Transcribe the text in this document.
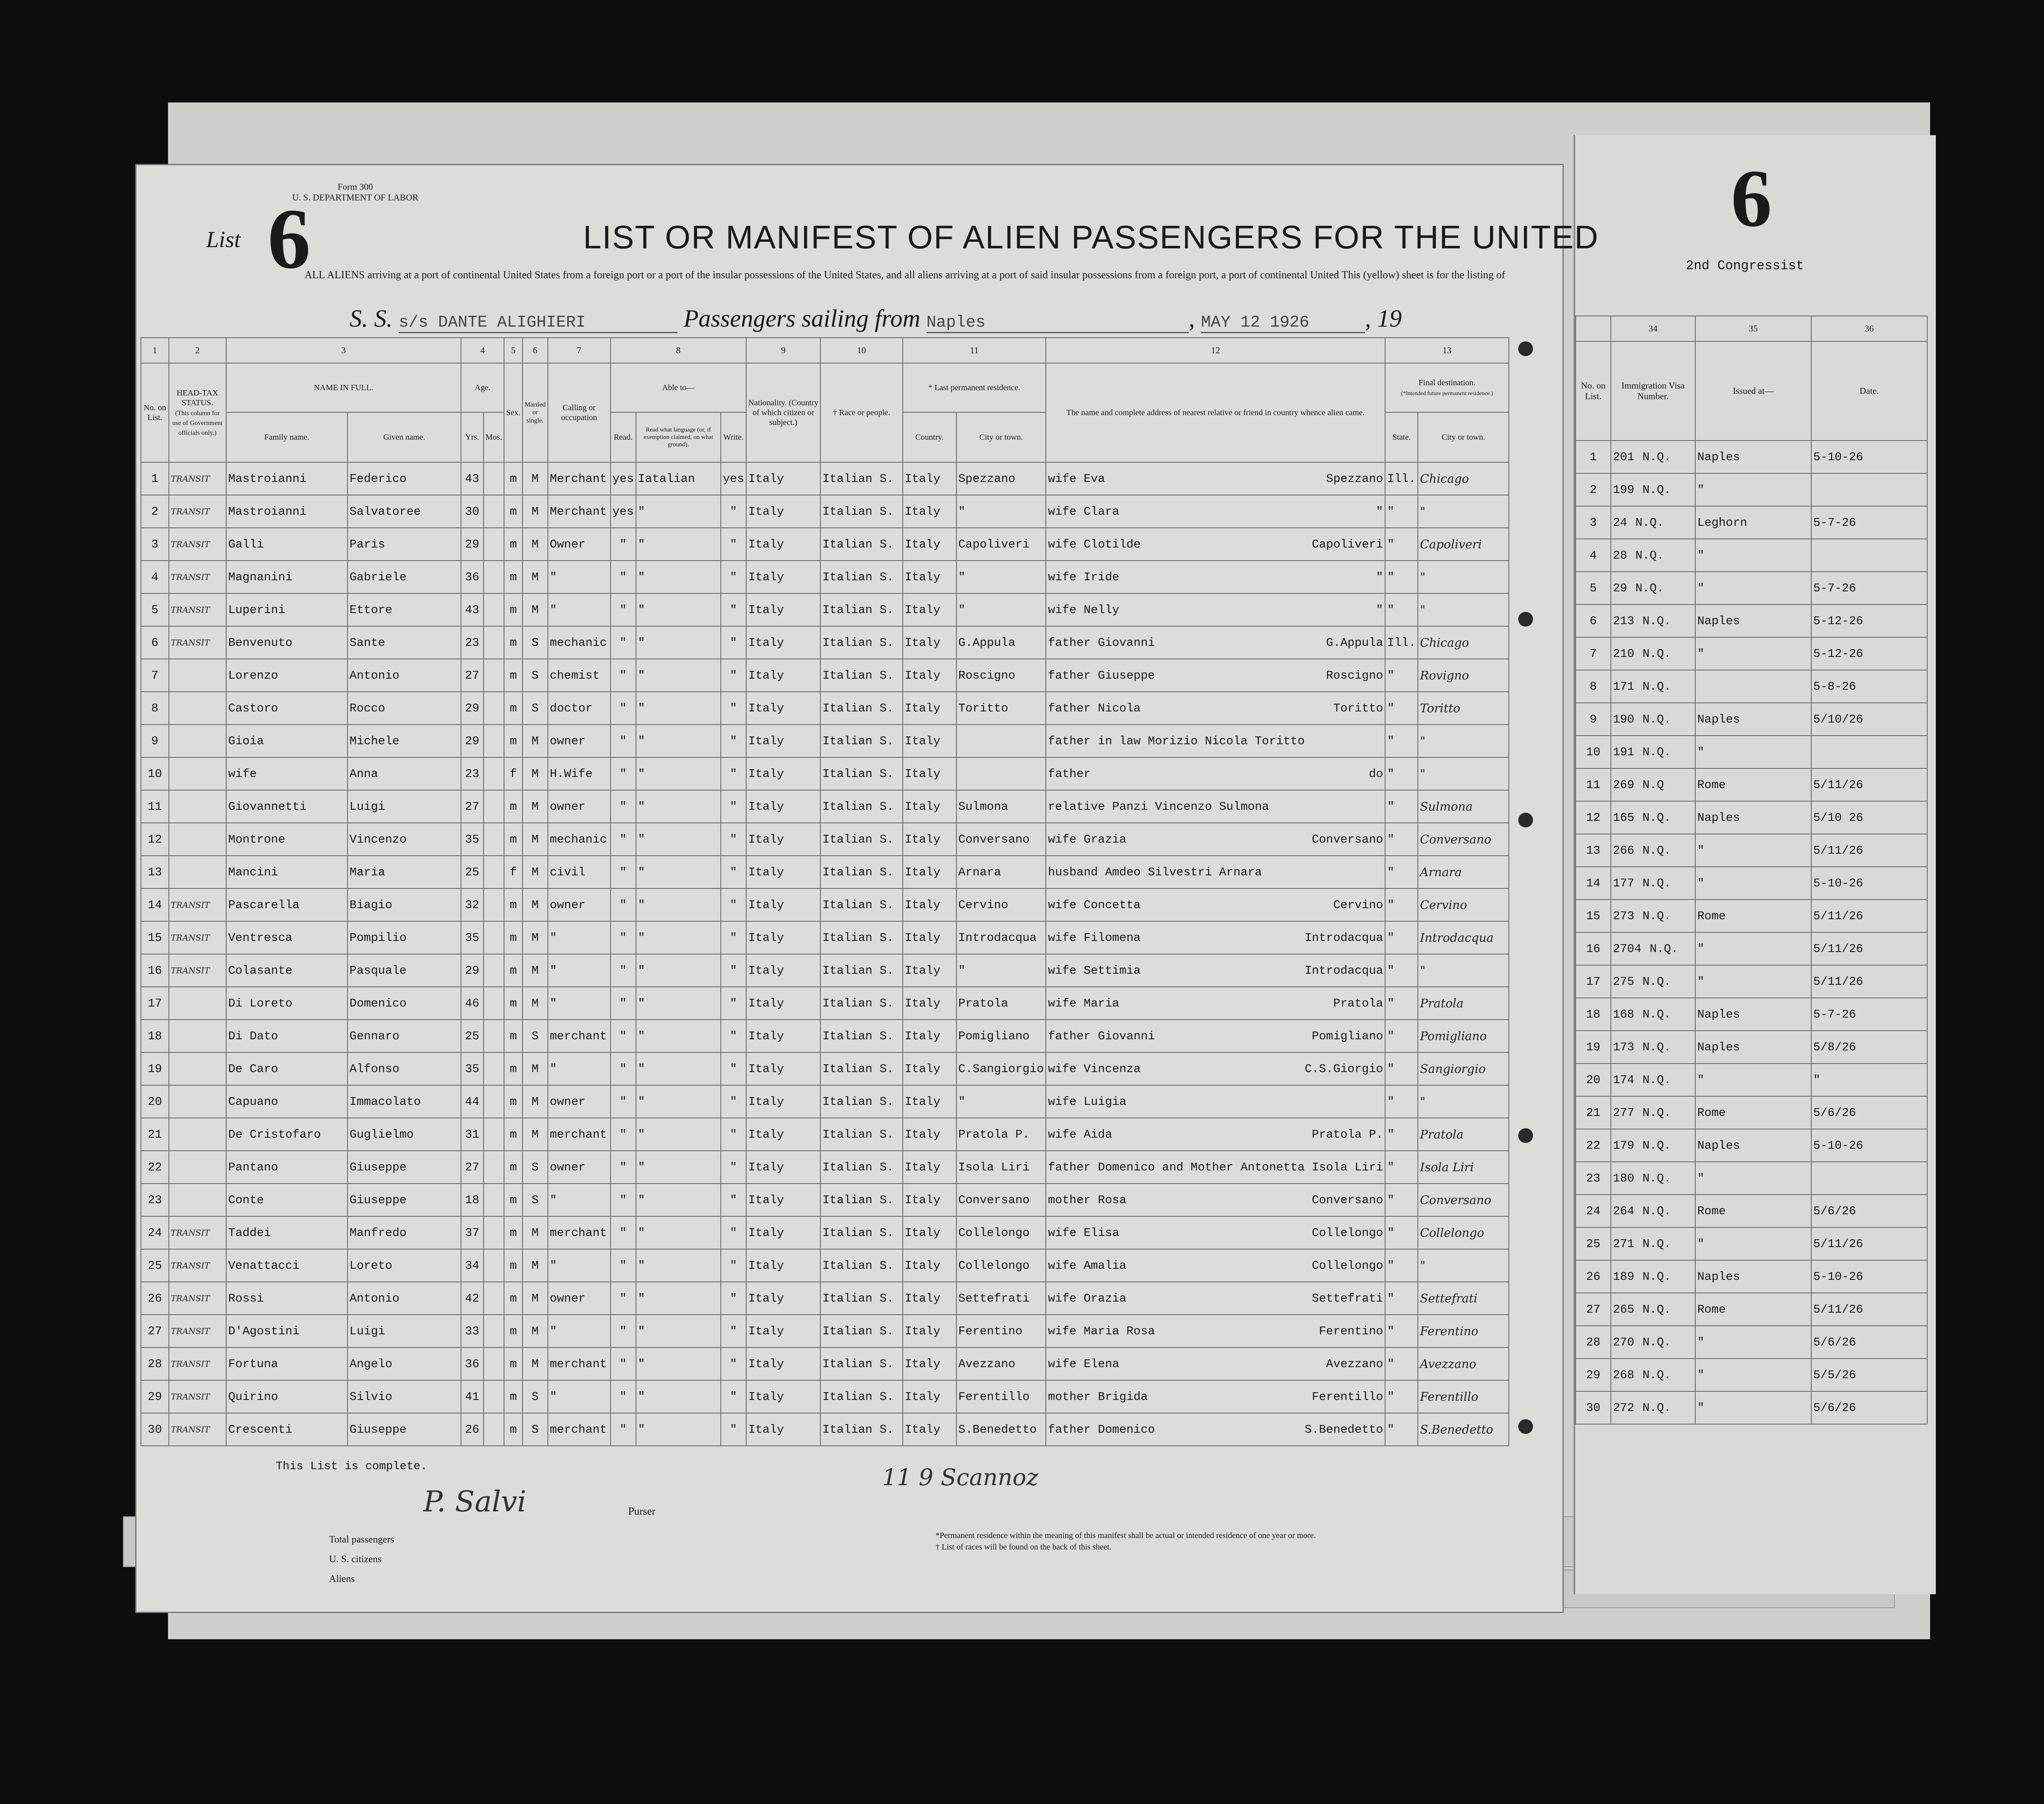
6
2nd Congressist
	34	35	36
No. on List.	Immigration Visa Number.	Issued at—	Date.
1	201 N.Q.	Naples	5-10-26
2	199 N.Q.	"	
3	24 N.Q.	Leghorn	5-7-26
4	28 N.Q.	"	
5	29 N.Q.	"	5-7-26
6	213 N.Q.	Naples	5-12-26
7	210 N.Q.	"	5-12-26
8	171 N.Q.		5-8-26
9	190 N.Q.	Naples	5/10/26
10	191 N.Q.	"	
11	269 N.Q	Rome	5/11/26
12	165 N.Q.	Naples	5/10 26
13	266 N.Q.	"	5/11/26
14	177 N.Q.	"	5-10-26
15	273 N.Q.	Rome	5/11/26
16	2704 N.Q.	"	5/11/26
17	275 N.Q.	"	5/11/26
18	168 N.Q.	Naples	5-7-26
19	173 N.Q.	Naples	5/8/26
20	174 N.Q.	"	"
21	277 N.Q.	Rome	5/6/26
22	179 N.Q.	Naples	5-10-26
23	180 N.Q.	"	
24	264 N.Q.	Rome	5/6/26
25	271 N.Q.	"	5/11/26
26	189 N.Q.	Naples	5-10-26
27	265 N.Q.	Rome	5/11/26
28	270 N.Q.	"	5/6/26
29	268 N.Q.	"	5/5/26
30	272 N.Q.	"	5/6/26
Form 300
U. S. DEPARTMENT OF LABOR
List 6	LIST OR MANIFEST OF ALIEN PASSENGERS FOR THE UNITED
ALL ALIENS arriving at a port of continental United States from a foreign port or a port of the insular possessions of the United States, and all aliens arriving at a port of said insular possessions from a foreign port, a port of continental United This (yellow) sheet is for the listing of
S. S. s/s DANTE ALIGHIERI	Passengers sailing from Naples	, MAY 12 1926 , 19
1	2	3		4		5	6	7	8			9	10	11		12	13	
No. on List.	HEAD-TAX STATUS.
(This column for use of Government officials only.)	NAME IN FULL.		Age.		Sex.	Married or single.	Calling or occupation	Able to—			Nationality. (Country of which citizen or subject.)	† Race or people.	* Last permanent residence.		The name and complete address of nearest relative or friend in country whence alien came.	Final destination.
(*Intended future permanent residence.)	
		Family name.	Given name.	Yrs.	Mos.				Read.	Read what language (or, if exemption claimed, on what ground).	Write.			Country.	City or town.		State.	City or town.
1	TRANSIT	Mastroianni	Federico	43		m	M	Merchant	yes	Iatalian	yes	Italy	Italian S.	Italy	Spezzano	wife Eva Spezzano	Ill.	Chicago
2	TRANSIT	Mastroianni	Salvatoree	30		m	M	Merchant	yes	"	"	Italy	Italian S.	Italy	"	wife Clara "	"	"
3	TRANSIT	Galli	Paris	29		m	M	Owner	"	"	"	Italy	Italian S.	Italy	Capoliveri	wife Clotilde Capoliveri	"	Capoliveri
4	TRANSIT	Magnanini	Gabriele	36		m	M	"	"	"	"	Italy	Italian S.	Italy	"	wife Iride "	"	"
5	TRANSIT	Luperini	Ettore	43		m	M	"	"	"	"	Italy	Italian S.	Italy	"	wife Nelly "	"	"
6	TRANSIT	Benvenuto	Sante	23		m	S	mechanic	"	"	"	Italy	Italian S.	Italy	G.Appula	father Giovanni G.Appula	Ill.	Chicago
7		Lorenzo	Antonio	27		m	S	chemist	"	"	"	Italy	Italian S.	Italy	Roscigno	father Giuseppe Roscigno	"	Rovigno
8		Castoro	Rocco	29		m	S	doctor	"	"	"	Italy	Italian S.	Italy	Toritto	father Nicola Toritto	"	Toritto
9		Gioia	Michele	29		m	M	owner	"	"	"	Italy	Italian S.	Italy		father in law Morizio Nicola Toritto	"	"
10		wife	Anna	23		f	M	H.Wife	"	"	"	Italy	Italian S.	Italy		father do	"	"
11		Giovannetti	Luigi	27		m	M	owner	"	"	"	Italy	Italian S.	Italy	Sulmona	relative Panzi Vincenzo Sulmona	"	Sulmona
12		Montrone	Vincenzo	35		m	M	mechanic	"	"	"	Italy	Italian S.	Italy	Conversano	wife Grazia Conversano	"	Conversano
13		Mancini	Maria	25		f	M	civil	"	"	"	Italy	Italian S.	Italy	Arnara	husband Amdeo Silvestri Arnara	"	Arnara
14	TRANSIT	Pascarella	Biagio	32		m	M	owner	"	"	"	Italy	Italian S.	Italy	Cervino	wife Concetta Cervino	"	Cervino
15	TRANSIT	Ventresca	Pompilio	35		m	M	"	"	"	"	Italy	Italian S.	Italy	Introdacqua	wife Filomena Introdacqua	"	Introdacqua
16	TRANSIT	Colasante	Pasquale	29		m	M	"	"	"	"	Italy	Italian S.	Italy	"	wife Settimia Introdacqua	"	"
17		Di Loreto	Domenico	46		m	M	"	"	"	"	Italy	Italian S.	Italy	Pratola	wife Maria Pratola	"	Pratola
18		Di Dato	Gennaro	25		m	S	merchant	"	"	"	Italy	Italian S.	Italy	Pomigliano	father Giovanni Pomigliano	"	Pomigliano
19		De Caro	Alfonso	35		m	M	"	"	"	"	Italy	Italian S.	Italy	C.Sangiorgio	wife Vincenza C.S.Giorgio	"	Sangiorgio
20		Capuano	Immacolato	44		m	M	owner	"	"	"	Italy	Italian S.	Italy	"	wife Luigia	"	"
21		De Cristofaro	Guglielmo	31		m	M	merchant	"	"	"	Italy	Italian S.	Italy	Pratola P.	wife Aida Pratola P.	"	Pratola
22		Pantano	Giuseppe	27		m	S	owner	"	"	"	Italy	Italian S.	Italy	Isola Liri	father Domenico and Mother Antonetta Isola Liri	"	Isola Liri
23		Conte	Giuseppe	18		m	S	"	"	"	"	Italy	Italian S.	Italy	Conversano	mother Rosa Conversano	"	Conversano
24	TRANSIT	Taddei	Manfredo	37		m	M	merchant	"	"	"	Italy	Italian S.	Italy	Collelongo	wife Elisa Collelongo	"	Collelongo
25	TRANSIT	Venattacci	Loreto	34		m	M	"	"	"	"	Italy	Italian S.	Italy	Collelongo	wife Amalia Collelongo	"	"
26	TRANSIT	Rossi	Antonio	42		m	M	owner	"	"	"	Italy	Italian S.	Italy	Settefrati	wife Orazia Settefrati	"	Settefrati
27	TRANSIT	D'Agostini	Luigi	33		m	M	"	"	"	"	Italy	Italian S.	Italy	Ferentino	wife Maria Rosa Ferentino	"	Ferentino
28	TRANSIT	Fortuna	Angelo	36		m	M	merchant	"	"	"	Italy	Italian S.	Italy	Avezzano	wife Elena Avezzano	"	Avezzano
29	TRANSIT	Quirino	Silvio	41		m	S	"	"	"	"	Italy	Italian S.	Italy	Ferentillo	mother Brigida Ferentillo	"	Ferentillo
30	TRANSIT	Crescenti	Giuseppe	26		m	S	merchant	"	"	"	Italy	Italian S.	Italy	S.Benedetto	father Domenico S.Benedetto	"	S.Benedetto
This List is complete.
P. Salvi	Purser
Total passengers
U. S. citizens
Aliens
11 9 Scannoz
*Permanent residence within the meaning of this manifest shall be actual or intended residence of one year or more.
† List of races will be found on the back of this sheet.
